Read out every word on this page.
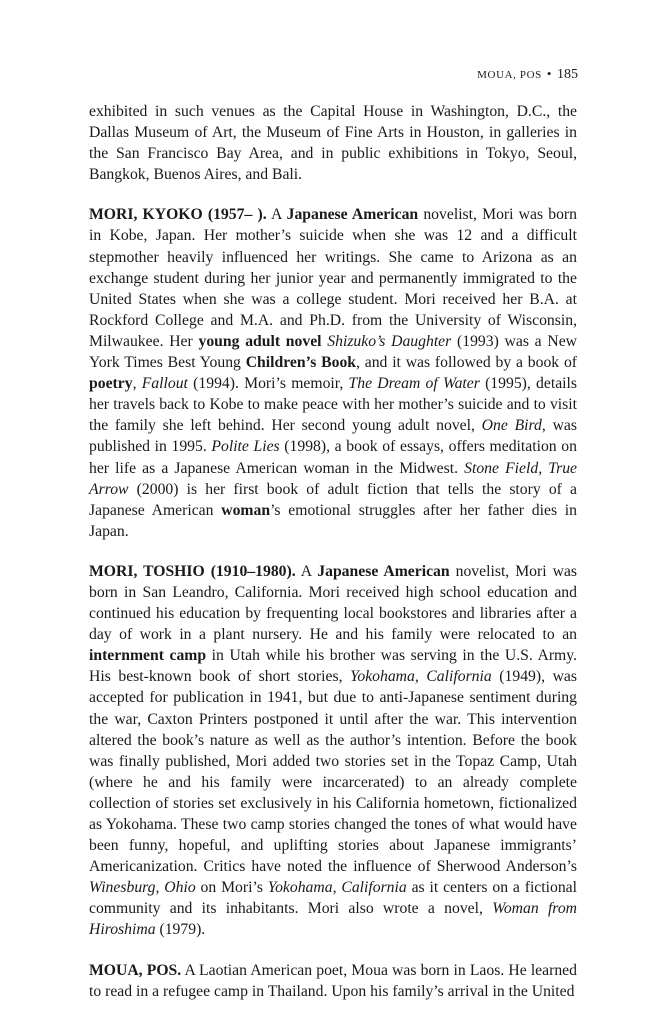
MOUA, POS • 185

exhibited in such venues as the Capital House in Washington, D.C., the Dallas Museum of Art, the Museum of Fine Arts in Houston, in galleries in the San Francisco Bay Area, and in public exhibitions in Tokyo, Seoul, Bangkok, Buenos Aires, and Bali.

MORI, KYOKO (1957– ). A Japanese American novelist, Mori was born in Kobe, Japan. Her mother’s suicide when she was 12 and a difficult stepmother heavily influenced her writings. She came to Arizona as an exchange student during her junior year and permanently immigrated to the United States when she was a college student. Mori received her B.A. at Rockford College and M.A. and Ph.D. from the University of Wisconsin, Milwaukee. Her young adult novel Shizuko’s Daughter (1993) was a New York Times Best Young Children’s Book, and it was followed by a book of poetry, Fallout (1994). Mori’s memoir, The Dream of Water (1995), details her travels back to Kobe to make peace with her mother’s suicide and to visit the family she left behind. Her second young adult novel, One Bird, was published in 1995. Polite Lies (1998), a book of essays, offers meditation on her life as a Japanese American woman in the Midwest. Stone Field, True Arrow (2000) is her first book of adult fiction that tells the story of a Japanese American woman’s emotional struggles after her father dies in Japan.

MORI, TOSHIO (1910–1980). A Japanese American novelist, Mori was born in San Leandro, California. Mori received high school education and continued his education by frequenting local bookstores and libraries after a day of work in a plant nursery. He and his family were relocated to an internment camp in Utah while his brother was serving in the U.S. Army. His best-known book of short stories, Yokohama, California (1949), was accepted for publication in 1941, but due to anti-Japanese sentiment during the war, Caxton Printers postponed it until after the war. This intervention altered the book’s nature as well as the author’s intention. Before the book was finally published, Mori added two stories set in the Topaz Camp, Utah (where he and his family were incarcerated) to an already complete collection of stories set exclusively in his California hometown, fictionalized as Yokohama. These two camp stories changed the tones of what would have been funny, hopeful, and uplifting stories about Japanese immigrants’ Americanization. Critics have noted the influence of Sherwood Anderson’s Winesburg, Ohio on Mori’s Yokohama, California as it centers on a fictional community and its inhabitants. Mori also wrote a novel, Woman from Hiroshima (1979).

MOUA, POS. A Laotian American poet, Moua was born in Laos. He learned to read in a refugee camp in Thailand. Upon his family’s arrival in the United
